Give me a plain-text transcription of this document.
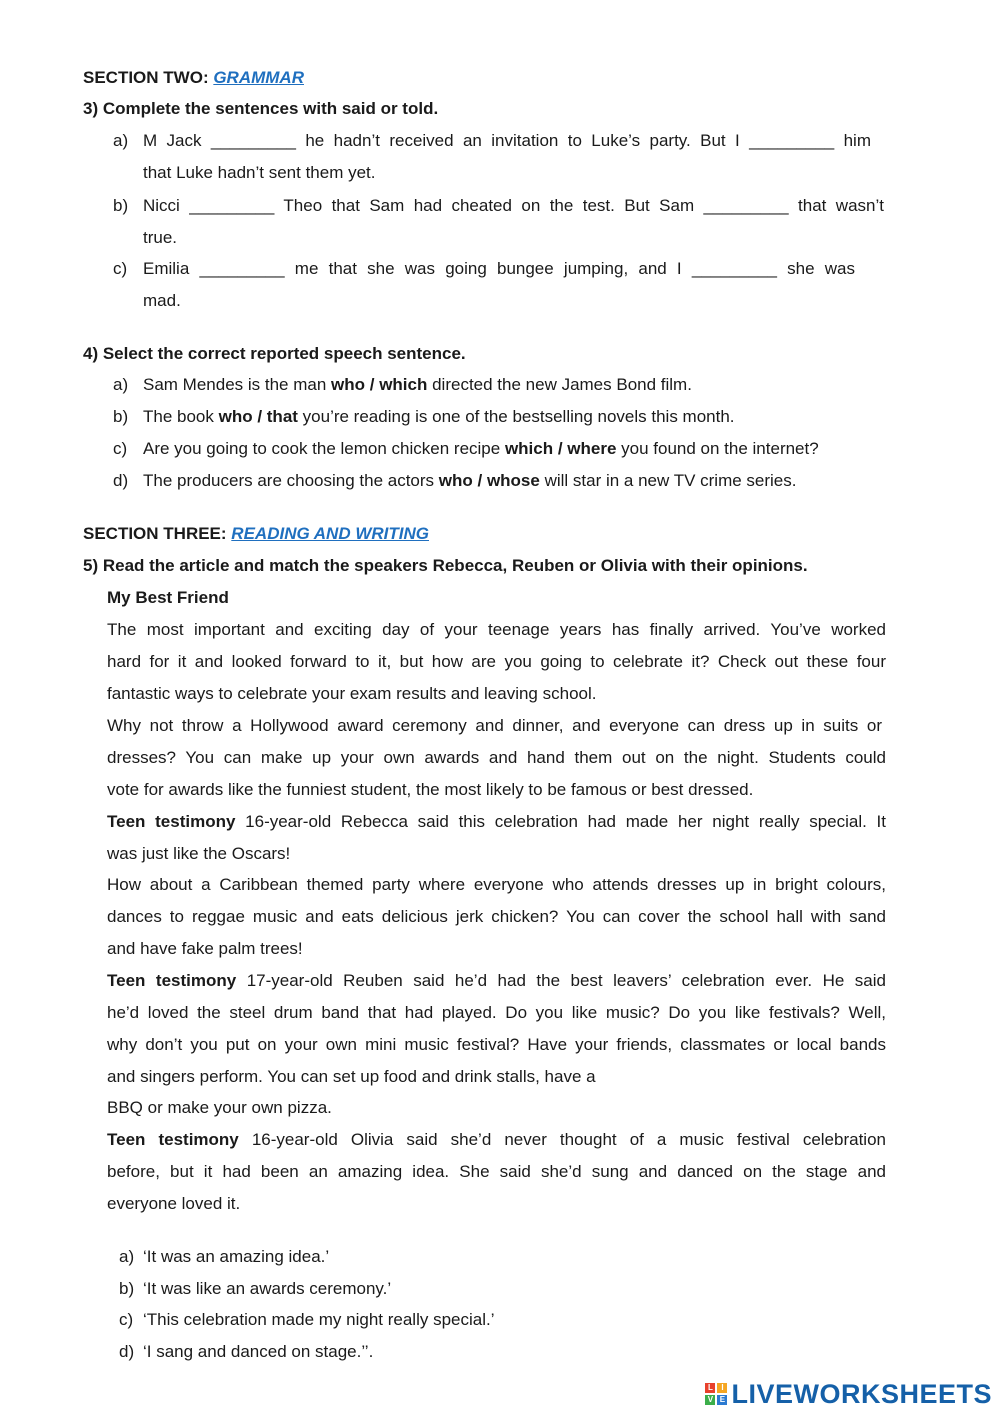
SECTION TWO: GRAMMAR
3) Complete the sentences with said or told.
a) M Jack _________ he hadn’t received an invitation to Luke’s party. But I _________ him
that Luke hadn’t sent them yet.
b) Nicci _________ Theo that Sam had cheated on the test. But Sam _________ that wasn’t
true.
c) Emilia _________ me that she was going bungee jumping, and I _________ she was
mad.
4) Select the correct reported speech sentence.
a) Sam Mendes is the man who / which directed the new James Bond film.
b) The book who / that you’re reading is one of the bestselling novels this month.
c) Are you going to cook the lemon chicken recipe which / where you found on the internet?
d) The producers are choosing the actors who / whose will star in a new TV crime series.
SECTION THREE: READING AND WRITING
5) Read the article and match the speakers Rebecca, Reuben or Olivia with their opinions.
My Best Friend
The most important and exciting day of your teenage years has finally arrived. You’ve worked
hard for it and looked forward to it, but how are you going to celebrate it? Check out these four
fantastic ways to celebrate your exam results and leaving school.
Why not throw a Hollywood award ceremony and dinner, and everyone can dress up in suits or
dresses? You can make up your own awards and hand them out on the night. Students could
vote for awards like the funniest student, the most likely to be famous or best dressed.
Teen testimony 16-year-old Rebecca said this celebration had made her night really special. It
was just like the Oscars!
How about a Caribbean themed party where everyone who attends dresses up in bright colours,
dances to reggae music and eats delicious jerk chicken? You can cover the school hall with sand
and have fake palm trees!
Teen testimony 17-year-old Reuben said he’d had the best leavers’ celebration ever. He said
he’d loved the steel drum band that had played. Do you like music? Do you like festivals? Well,
why don’t you put on your own mini music festival? Have your friends, classmates or local bands
and singers perform. You can set up food and drink stalls, have a
BBQ or make your own pizza.
Teen testimony 16-year-old Olivia said she’d never thought of a music festival celebration
before, but it had been an amazing idea. She said she’d sung and danced on the stage and
everyone loved it.
a) ‘It was an amazing idea.’
b) ‘It was like an awards ceremony.’
c) ‘This celebration made my night really special.’
d) ‘I sang and danced on stage.’’.
L	I
V E LIVEWORKSHEETS
